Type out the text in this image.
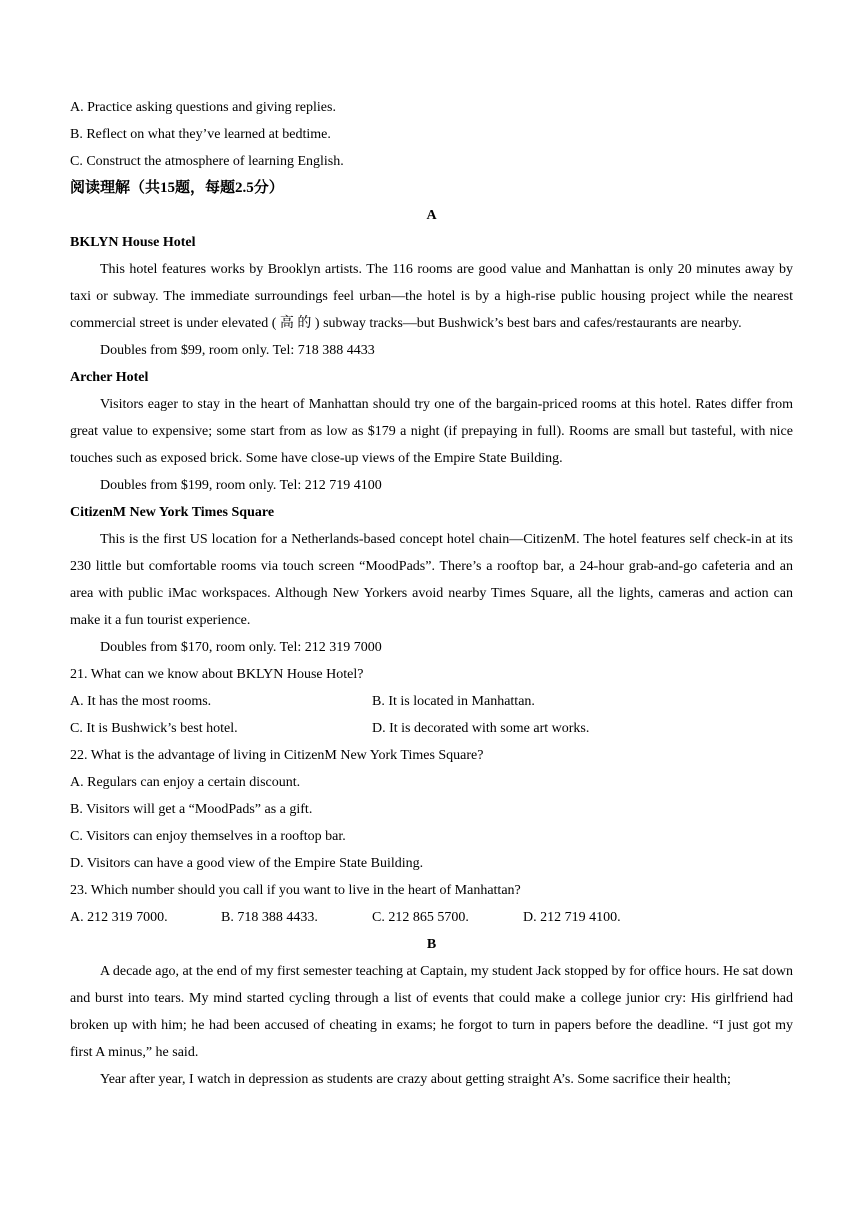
A. Practice asking questions and giving replies.
B. Reflect on what they’ve learned at bedtime.
C. Construct the atmosphere of learning English.

阅读理解（共15题，每题2.5分）

A
BKLYN House Hotel

This hotel features works by Brooklyn artists. The 116 rooms are good value and Manhattan is only 20 minutes away by taxi or subway. The immediate surroundings feel urban—the hotel is by a high-rise public housing project while the nearest commercial street is under elevated ( 高 的 ) subway tracks—but Bushwick’s best bars and cafes/restaurants are nearby.

Doubles from $99, room only. Tel: 718 388 4433
Archer Hotel

Visitors eager to stay in the heart of Manhattan should try one of the bargain-priced rooms at this hotel. Rates differ from great value to expensive; some start from as low as $179 a night (if prepaying in full). Rooms are small but tasteful, with nice touches such as exposed brick. Some have close-up views of the Empire State Building.

Doubles from $199, room only. Tel: 212 719 4100
CitizenM New York Times Square

This is the first US location for a Netherlands-based concept hotel chain—CitizenM. The hotel features self check-in at its 230 little but comfortable rooms via touch screen “MoodPads”. There’s a rooftop bar, a 24-hour grab-and-go cafeteria and an area with public iMac workspaces. Although New Yorkers avoid nearby Times Square, all the lights, cameras and action can make it a fun tourist experience.

Doubles from $170, room only. Tel: 212 319 7000
21. What can we know about BKLYN House Hotel?
A. It has the most rooms.	B. It is located in Manhattan.
C. It is Bushwick’s best hotel.	D. It is decorated with some art works.
22. What is the advantage of living in CitizenM New York Times Square?
A. Regulars can enjoy a certain discount.
B. Visitors will get a “MoodPads” as a gift.
C. Visitors can enjoy themselves in a rooftop bar.
D. Visitors can have a good view of the Empire State Building.
23. Which number should you call if you want to live in the heart of Manhattan?
A. 212 319 7000.	B. 718 388 4433.	C. 212 865 5700.	D. 212 719 4100.
B

A decade ago, at the end of my first semester teaching at Captain, my student Jack stopped by for office hours. He sat down and burst into tears. My mind started cycling through a list of events that could make a college junior cry: His girlfriend had broken up with him; he had been accused of cheating in exams; he forgot to turn in papers before the deadline. “I just got my first A minus,” he said.

Year after year, I watch in depression as students are crazy about getting straight A’s. Some sacrifice their health;
